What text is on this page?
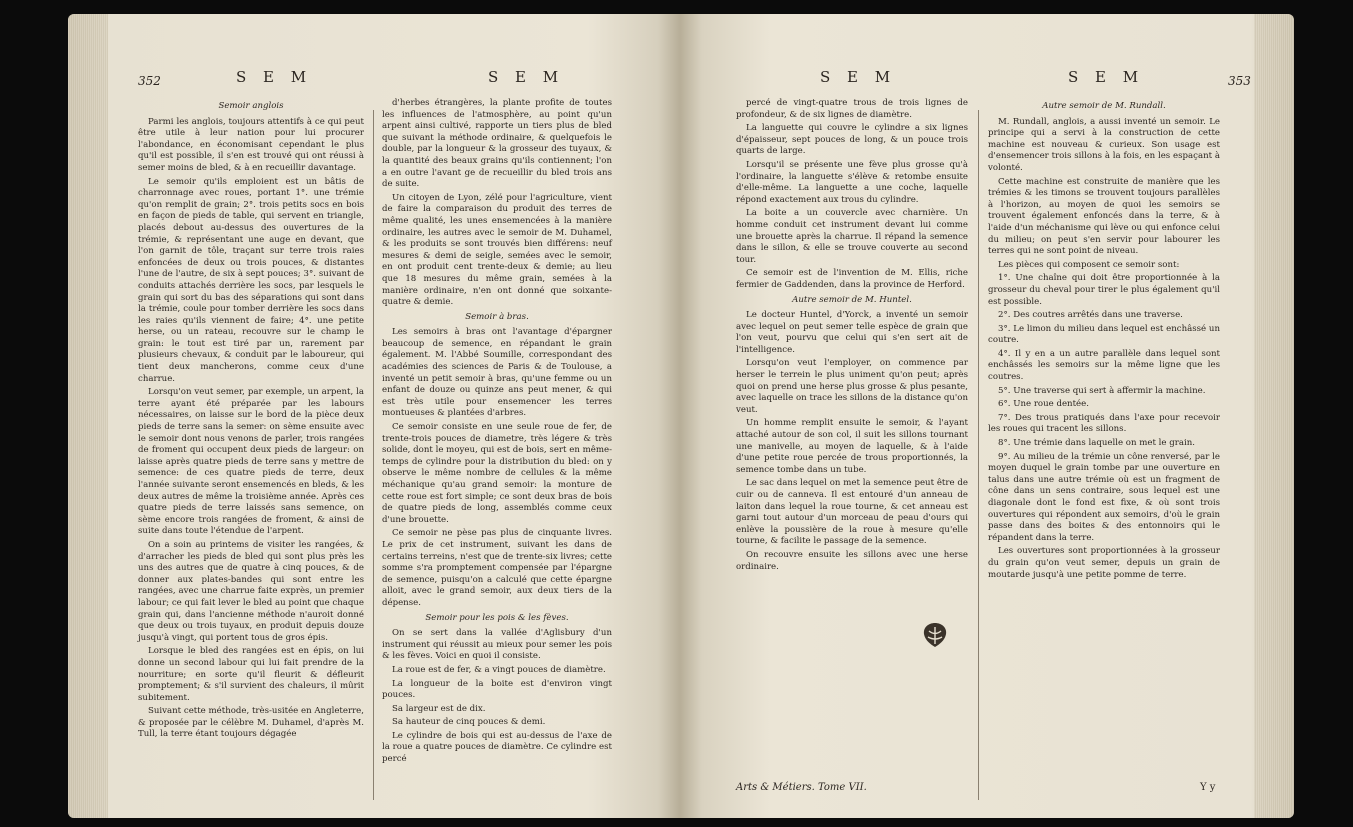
352	S E M	S E M

Semoir anglois

Parmi les anglois, toujours attentifs à ce qui peut être utile à leur nation pour lui procurer l'abondance, en économisant cependant le plus qu'il est possible, il s'en est trouvé qui ont réussi à semer moins de bled, & à en recueillir davantage.

Le semoir qu'ils emploient est un bâtis de charronnage avec roues, portant 1°. une trémie qu'on remplit de grain; 2°. trois petits socs en bois en façon de pieds de table, qui servent en triangle, placés debout au-dessus des ouvertures de la trémie, & représentant une auge en devant, que l'on garnit de tôle, traçant sur terre trois raies enfoncées de deux ou trois pouces, & distantes l'une de l'autre, de six à sept pouces; 3°. suivant de conduits attachés derrière les socs, par lesquels le grain qui sort du bas des séparations qui sont dans la trémie, coule pour tomber derrière les socs dans les raies qu'ils viennent de faire; 4°. une petite herse, ou un rateau, recouvre sur le champ le grain: le tout est tiré par un, rarement par plusieurs chevaux, & conduit par le laboureur, qui tient deux mancherons, comme ceux d'une charrue.

Lorsqu'on veut semer, par exemple, un arpent, la terre ayant été préparée par les labours nécessaires, on laisse sur le bord de la pièce deux pieds de terre sans la semer: on sème ensuite avec le semoir dont nous venons de parler, trois rangées de froment qui occupent deux pieds de largeur: on laisse après quatre pieds de terre sans y mettre de semence: de ces quatre pieds de terre, deux l'année suivante seront ensemencés en bleds, & les deux autres de même la troisième année. Après ces quatre pieds de terre laissés sans semence, on sème encore trois rangées de froment, & ainsi de suite dans toute l'étendue de l'arpent.

On a soin au printems de visiter les rangées, & d'arracher les pieds de bled qui sont plus près les uns des autres que de quatre à cinq pouces, & de donner aux plates-bandes qui sont entre les rangées, avec une charrue faite exprès, un premier labour; ce qui fait lever le bled au point que chaque grain qui, dans l'ancienne méthode n'auroit donné que deux ou trois tuyaux, en produit depuis douze jusqu'à vingt, qui portent tous de gros épis.

Lorsque le bled des rangées est en épis, on lui donne un second labour qui lui fait prendre de la nourriture; en sorte qu'il fleurit & défleurit promptement; & s'il survient des chaleurs, il mûrit subitement.

Suivant cette méthode, très-usitée en Angleterre, & proposée par le célèbre M. Duhamel, d'après M. Tull, la terre étant toujours dégagée

d'herbes étrangères, la plante profite de toutes les influences de l'atmosphère, au point qu'un arpent ainsi cultivé, rapporte un tiers plus de bled que suivant la méthode ordinaire, & quelquefois le double, par la longueur & la grosseur des tuyaux, & la quantité des beaux grains qu'ils contiennent; l'on a en outre l'avant ge de recueillir du bled trois ans de suite.

Un citoyen de Lyon, zélé pour l'agriculture, vient de faire la comparaison du produit des terres de même qualité, les unes ensemencées à la manière ordinaire, les autres avec le semoir de M. Duhamel, & les produits se sont trouvés bien différens: neuf mesures & demi de seigle, semées avec le semoir, en ont produit cent trente-deux & demie; au lieu que 18 mesures du même grain, semées à la manière ordinaire, n'en ont donné que soixante-quatre & demie.

Semoir à bras.

Les semoirs à bras ont l'avantage d'épargner beaucoup de semence, en répandant le grain également. M. l'Abbé Soumille, correspondant des académies des sciences de Paris & de Toulouse, a inventé un petit semoir à bras, qu'une femme ou un enfant de douze ou quinze ans peut mener, & qui est très utile pour ensemencer les terres montueuses & plantées d'arbres.

Ce semoir consiste en une seule roue de fer, de trente-trois pouces de diametre, très légere & très solide, dont le moyeu, qui est de bois, sert en même-temps de cylindre pour la distribution du bled: on y observe le même nombre de cellules & la même méchanique qu'au grand semoir: la monture de cette roue est fort simple; ce sont deux bras de bois de quatre pieds de long, assemblés comme ceux d'une brouette.

Ce semoir ne pèse pas plus de cinquante livres. Le prix de cet instrument, suivant les dans de certains terreins, n'est que de trente-six livres; cette somme s'ra promptement compensée par l'épargne de semence, puisqu'on a calculé que cette épargne alloit, avec le grand semoir, aux deux tiers de la dépense.

Semoir pour les pois & les fèves.

On se sert dans la vallée d'Aglisbury d'un instrument qui réussit au mieux pour semer les pois & les fèves. Voici en quoi il consiste.

La roue est de fer, & a vingt pouces de diamètre.

La longueur de la boite est d'environ vingt pouces.

Sa largeur est de dix.

Sa hauteur de cinq pouces & demi.

Le cylindre de bois qui est au-dessus de l'axe de la roue a quatre pouces de diamètre. Ce cylindre est percé

S E M	S E M	353

percé de vingt-quatre trous de trois lignes de profondeur, & de six lignes de diamètre.

La languette qui couvre le cylindre a six lignes d'épaisseur, sept pouces de long, & un pouce trois quarts de large.

Lorsqu'il se présente une fève plus grosse qu'à l'ordinaire, la languette s'élève & retombe ensuite d'elle-même. La languette a une coche, laquelle répond exactement aux trous du cylindre.

La boite a un couvercle avec charnière. Un homme conduit cet instrument devant lui comme une brouette après la charrue. Il répand la semence dans le sillon, & elle se trouve couverte au second tour.

Ce semoir est de l'invention de M. Ellis, riche fermier de Gaddenden, dans la province de Herford.

Autre semoir de M. Huntel.

Le docteur Huntel, d'Yorck, a inventé un semoir avec lequel on peut semer telle espèce de grain que l'on veut, pourvu que celui qui s'en sert ait de l'intelligence.

Lorsqu'on veut l'employer, on commence par herser le terrein le plus uniment qu'on peut; après quoi on prend une herse plus grosse & plus pesante, avec laquelle on trace les sillons de la distance qu'on veut.

Un homme remplit ensuite le semoir, & l'ayant attaché autour de son col, il suit les sillons tournant une manivelle, au moyen de laquelle, & à l'aide d'une petite roue percée de trous proportionnés, la semence tombe dans un tube.

Le sac dans lequel on met la semence peut être de cuir ou de canneva. Il est entouré d'un anneau de laiton dans lequel la roue tourne, & cet anneau est garni tout autour d'un morceau de peau d'ours qui enlève la poussière de la roue à mesure qu'elle tourne, & facilite le passage de la semence.

On recouvre ensuite les sillons avec une herse ordinaire.

Autre semoir de M. Rundall.

M. Rundall, anglois, a aussi inventé un semoir. Le principe qui a servi à la construction de cette machine est nouveau & curieux. Son usage est d'ensemencer trois sillons à la fois, en les espaçant à volonté.

Cette machine est construite de manière que les trémies & les timons se trouvent toujours parallèles à l'horizon, au moyen de quoi les semoirs se trouvent également enfoncés dans la terre, & à l'aide d'un méchanisme qui lève ou qui enfonce celui du milieu; on peut s'en servir pour labourer les terres qui ne sont point de niveau.

Les pièces qui composent ce semoir sont:

1°. Une chaîne qui doit être proportionnée à la grosseur du cheval pour tirer le plus également qu'il est possible.

2°. Des coutres arrêtés dans une traverse.

3°. Le limon du milieu dans lequel est enchâssé un coutre.

4°. Il y en a un autre parallèle dans lequel sont enchâssés les semoirs sur la même ligne que les coutres.

5°. Une traverse qui sert à affermir la machine.

6°. Une roue dentée.

7°. Des trous pratiqués dans l'axe pour recevoir les roues qui tracent les sillons.

8°. Une trémie dans laquelle on met le grain.

9°. Au milieu de la trémie un cône renversé, par le moyen duquel le grain tombe par une ouverture en talus dans une autre trémie où est un fragment de cône dans un sens contraire, sous lequel est une diagonale dont le fond est fixe, & où sont trois ouvertures qui répondent aux semoirs, d'où le grain passe dans des boites & des entonnoirs qui le répandent dans la terre.

Les ouvertures sont proportionnées à la grosseur du grain qu'on veut semer, depuis un grain de moutarde jusqu'à une petite pomme de terre.

Arts & Métiers. Tome VII.	Y y
